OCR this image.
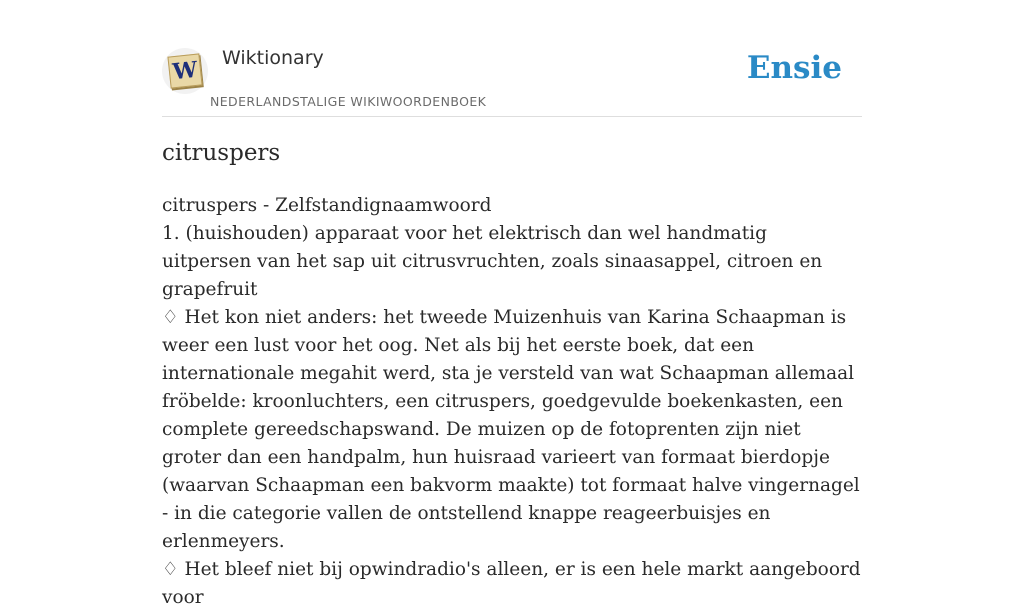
W Wiktionary
NEDERLANDSTALIGE WIKIWOORDENBOEK
Ensie
citruspers

citruspers - Zelfstandignaamwoord

1. (huishouden) apparaat voor het elektrisch dan wel handmatig uitpersen van het sap uit citrusvruchten, zoals sinaasappel, citroen en grapefruit

♢ Het kon niet anders: het tweede Muizenhuis van Karina Schaapman is weer een lust voor het oog. Net als bij het eerste boek, dat een internationale megahit werd, sta je versteld van wat Schaapman allemaal fröbelde: kroonluchters, een citruspers, goedgevulde boekenkasten, een complete gereedschapswand. De muizen op de fotoprenten zijn niet groter dan een handpalm, hun huisraad varieert van formaat bierdopje (waarvan Schaapman een bakvorm maakte) tot formaat halve vingernagel - in die categorie vallen de ontstellend knappe reageerbuisjes en erlenmeyers.

♢ Het bleef niet bij opwindradio's alleen, er is een hele markt aangeboord voor
